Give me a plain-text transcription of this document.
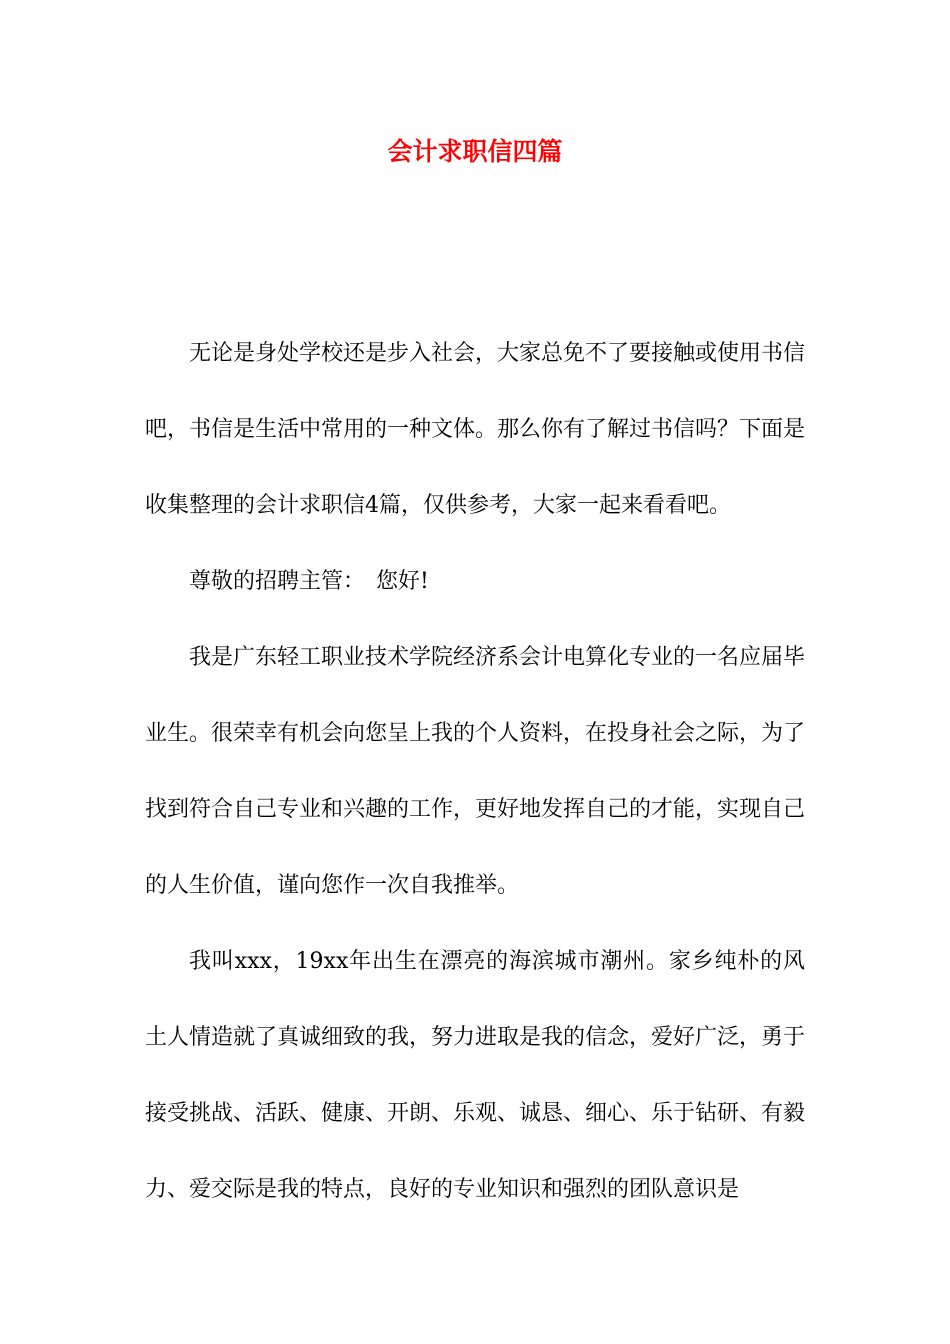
会计求职信四篇

无论是身处学校还是步入社会，大家总免不了要接触或使用书信吧，书信是生活中常用的一种文体。那么你有了解过书信吗？下面是收集整理的会计求职信4篇，仅供参考，大家一起来看看吧。

尊敬的招聘主管：　您好!

我是广东轻工职业技术学院经济系会计电算化专业的一名应届毕业生。很荣幸有机会向您呈上我的个人资料，在投身社会之际，为了找到符合自己专业和兴趣的工作，更好地发挥自己的才能，实现自己的人生价值，谨向您作一次自我推举。

我叫xxx，19xx年出生在漂亮的海滨城市潮州。家乡纯朴的风土人情造就了真诚细致的我，努力进取是我的信念，爱好广泛，勇于接受挑战、活跃、健康、开朗、乐观、诚恳、细心、乐于钻研、有毅力、爱交际是我的特点，良好的专业知识和强烈的团队意识是
